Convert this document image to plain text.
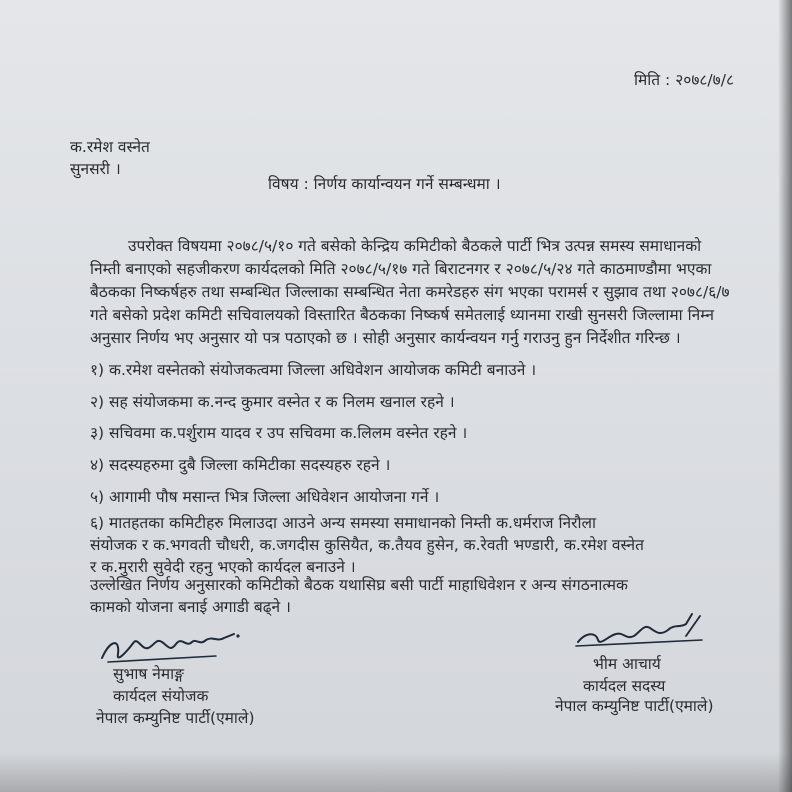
मिति : २०७८/७/८
क.रमेश वस्नेत
सुनसरी ।
विषय : निर्णय कार्यान्वयन गर्ने सम्बन्धमा ।
उपरोक्त विषयमा २०७८/५/१० गते बसेको केन्द्रिय कमिटीको बैठकले पार्टी भित्र उत्पन्न समस्य समाधानको निम्ती बनाएको सहजीकरण कार्यदलको मिति २०७८/५/१७ गते बिराटनगर र २०७८/५/२४ गते काठमाण्डौमा भएका बैठकका निष्कर्षहरु तथा सम्बन्धित जिल्लाका सम्बन्धित नेता कमरेडहरु संग भएका परामर्स र सुझाव तथा २०७८/६/७ गते बसेको प्रदेश कमिटी सचिवालयको विस्तारित बैठकका निष्कर्ष समेतलाई ध्यानमा राखी सुनसरी जिल्लामा निम्न अनुसार निर्णय भए अनुसार यो पत्र पठाएको छ । सोही अनुसार कार्यन्वयन गर्नु गराउनु हुन निर्देशीत गरिन्छ ।
१) क.रमेश वस्नेतको संयोजकत्वमा जिल्ला अधिवेशन आयोजक कमिटी बनाउने ।
२) सह संयोजकमा क.नन्द कुमार वस्नेत र क निलम खनाल रहने ।
३) सचिवमा क.पर्शुराम यादव र उप सचिवमा क.लिलम वस्नेत रहने ।
४) सदस्यहरुमा दुबै जिल्ला कमिटीका सदस्यहरु रहने ।
५) आगामी पौष मसान्त भित्र जिल्ला अधिवेशन आयोजना गर्ने ।
६) मातहतका कमिटीहरु मिलाउदा आउने अन्य समस्या समाधानको निम्ती क.धर्मराज निरौला
संयोजक र क.भगवती चौधरी, क.जगदीस कुसियैत, क.तैयव हुसेन, क.रेवती भण्डारी, क.रमेश वस्नेत
र क.मुरारी सुवेदी रहनु भएको कार्यदल बनाउने ।
उल्लेखित निर्णय अनुसारको कमिटीको बैठक यथासिघ्र बसी पार्टी माहाधिवेशन र अन्य संगठनात्मक
कामको योजना बनाई अगाडी बढ्ने ।
सुभाष नेमाङ्ग
कार्यदल संयोजक
नेपाल कम्युनिष्ट पार्टी(एमाले)
भीम आचार्य
कार्यदल सदस्य
नेपाल कम्युनिष्ट पार्टी(एमाले)
